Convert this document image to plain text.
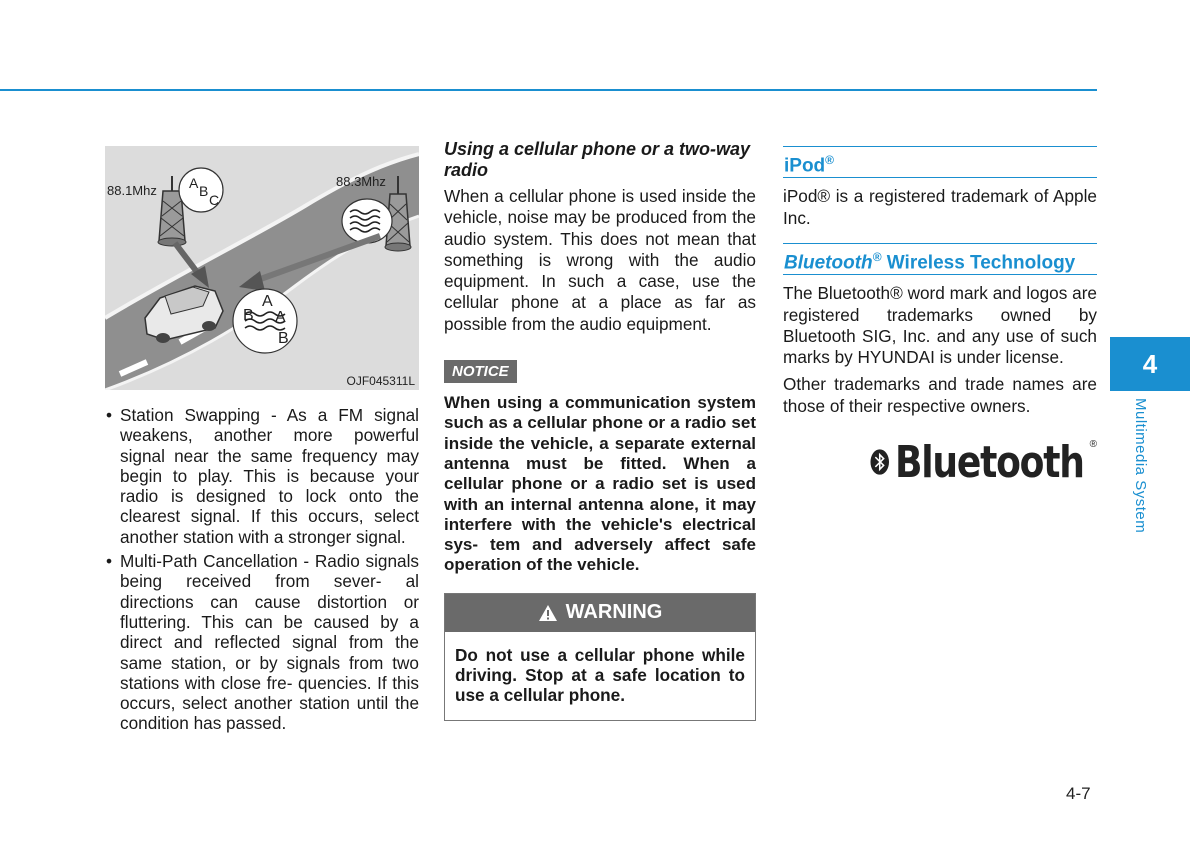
88.1Mhz
88.3Mhz
A B
C
A
B A
B
OJF045311L
• Station Swapping - As a FM signal weakens, another more powerful signal near the same frequency may begin to play. This is because your radio is designed to lock onto the clearest signal. If this occurs, select another station with a stronger signal.
• Multi-Path Cancellation - Radio signals being received from sever- al directions can cause distortion or fluttering. This can be caused by a direct and reflected signal from the same station, or by signals from two stations with close fre- quencies. If this occurs, select another station until the condition has passed.
Using a cellular phone or a two-way radio

When a cellular phone is used inside the vehicle, noise may be produced from the audio system. This does not mean that something is wrong with the audio equipment. In such a case, use the cellular phone at a place as far as possible from the audio equipment.

NOTICE

When using a communication system such as a cellular phone or a radio set inside the vehicle, a separate external antenna must be fitted. When a cellular phone or a radio set is used with an internal antenna alone, it may interfere with the vehicle's electrical sys- tem and adversely affect safe operation of the vehicle.

WARNING
Do not use a cellular phone while driving. Stop at a safe location to use a cellular phone.
iPod®

iPod® is a registered trademark of Apple Inc.

Bluetooth® Wireless Technology

The Bluetooth® word mark and logos are registered trademarks owned by Bluetooth SIG, Inc. and any use of such marks by HYUNDAI is under license.

Other trademarks and trade names are those of their respective owners.

Bluetooth ®
4
Multimedia System
4-7
